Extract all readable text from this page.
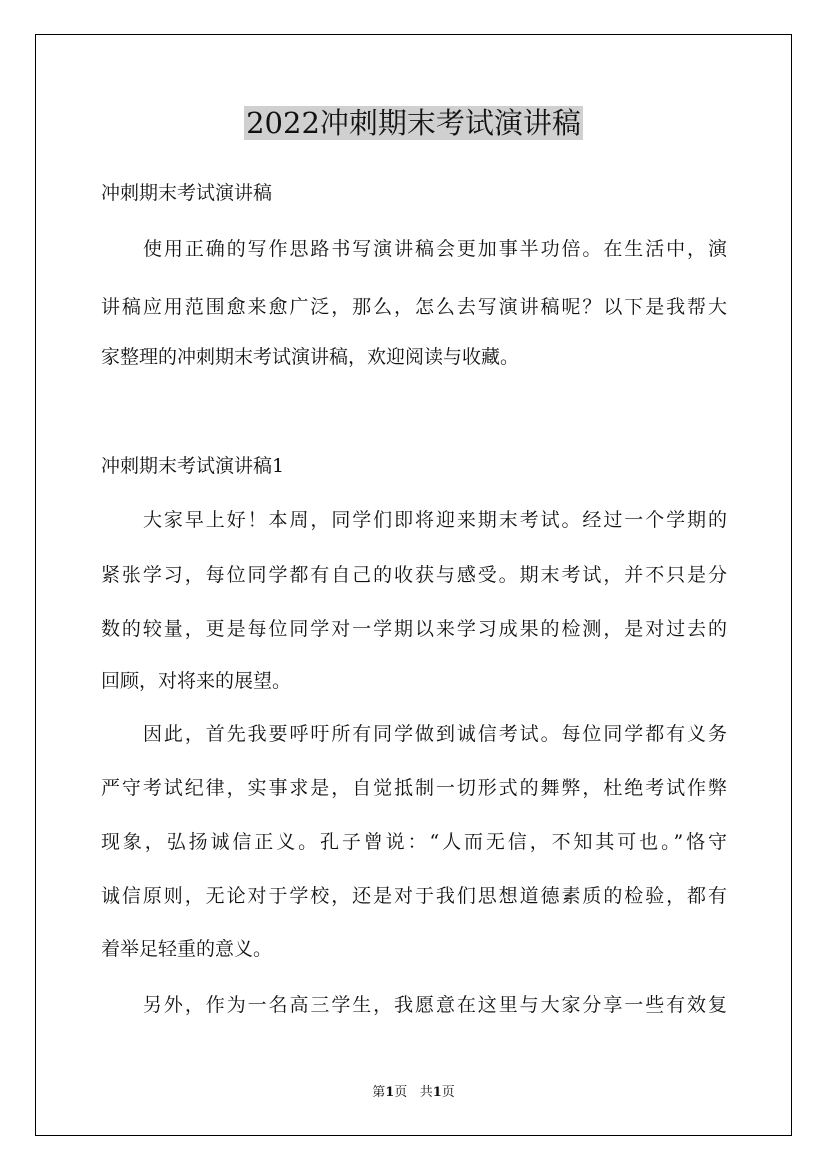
2022冲刺期末考试演讲稿

冲刺期末考试演讲稿

使用正确的写作思路书写演讲稿会更加事半功倍。在生活中，演

讲稿应用范围愈来愈广泛，那么，怎么去写演讲稿呢？以下是我帮大

家整理的冲刺期末考试演讲稿，欢迎阅读与收藏。

冲刺期末考试演讲稿1

大家早上好！本周，同学们即将迎来期末考试。经过一个学期的

紧张学习，每位同学都有自己的收获与感受。期末考试，并不只是分

数的较量，更是每位同学对一学期以来学习成果的检测，是对过去的

回顾，对将来的展望。

因此，首先我要呼吁所有同学做到诚信考试。每位同学都有义务

严守考试纪律，实事求是，自觉抵制一切形式的舞弊，杜绝考试作弊

现象，弘扬诚信正义。孔子曾说：“人而无信，不知其可也。”恪守

诚信原则，无论对于学校，还是对于我们思想道德素质的检验，都有

着举足轻重的意义。

另外，作为一名高三学生，我愿意在这里与大家分享一些有效复

第1页 共1页
